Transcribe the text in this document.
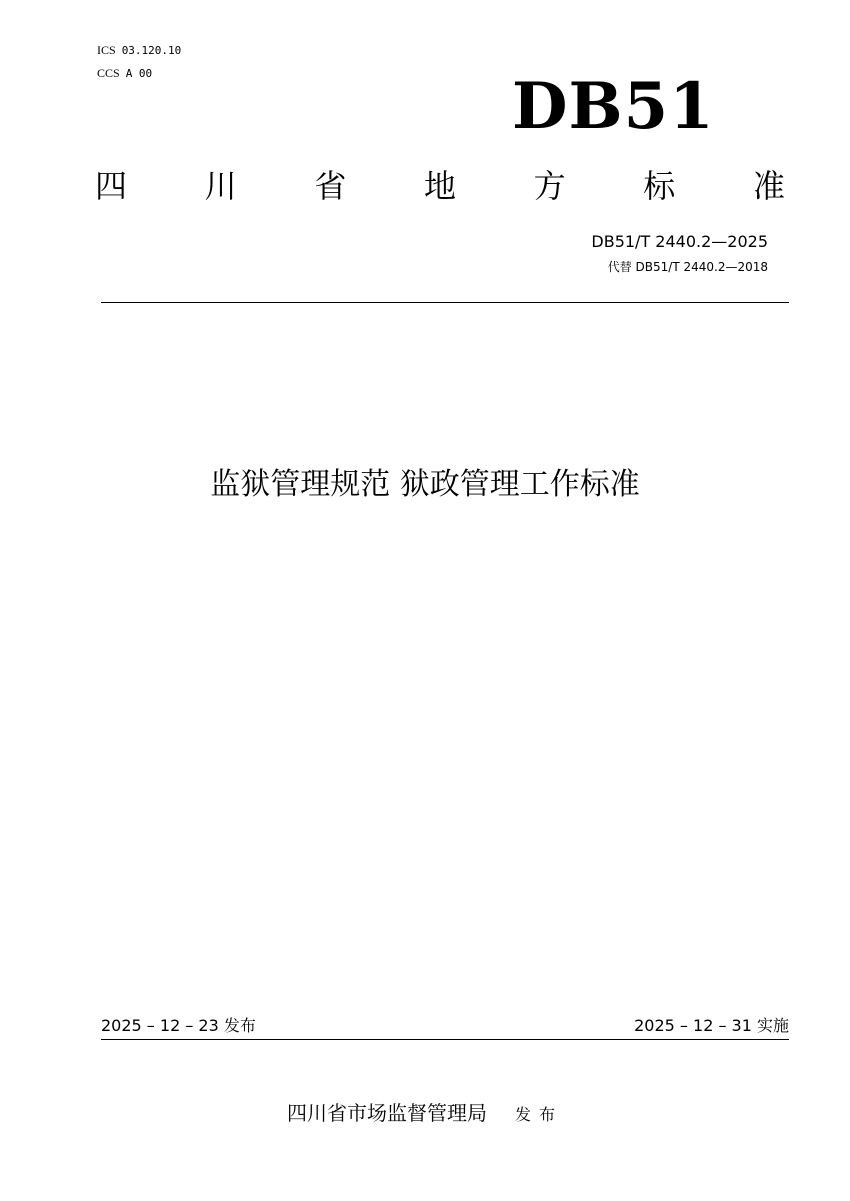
ICS 03.120.10
CCS A 00	DB51
四 川 省 地 方 标 准
DB51/T 2440.2—2025
代替 DB51/T 2440.2—2018
监狱管理规范 狱政管理工作标准
2025 – 12 – 23 发布	2025 – 12 – 31 实施
四川省市场监督管理局 发布
